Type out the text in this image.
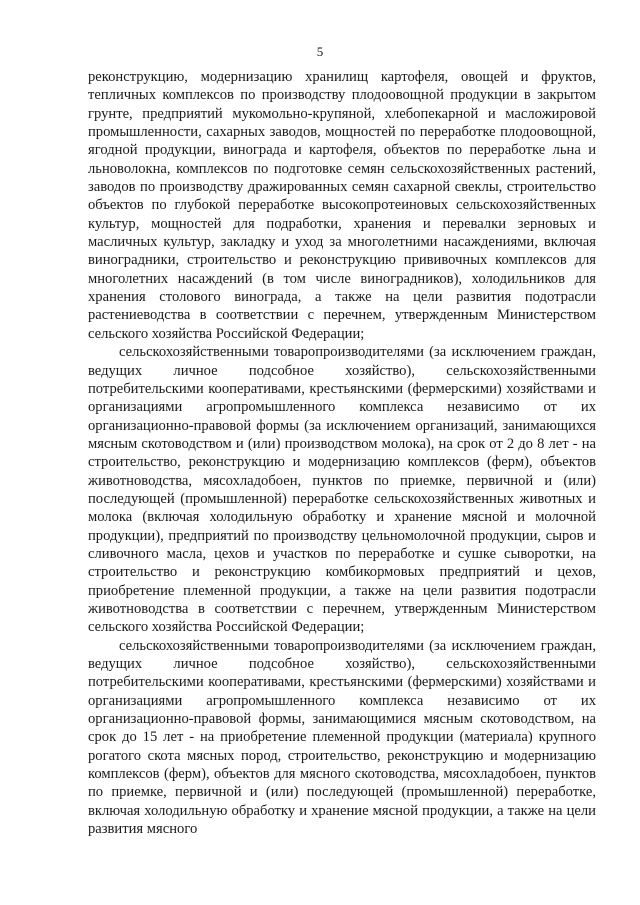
5

реконструкцию, модернизацию хранилищ картофеля, овощей и фруктов, тепличных комплексов по производству плодоовощной продукции в закрытом грунте, предприятий мукомольно-крупяной, хлебопекарной и масложировой промышленности, сахарных заводов, мощностей по переработке плодоовощной, ягодной продукции, винограда и картофеля, объектов по переработке льна и льноволокна, комплексов по подготовке семян сельскохозяйственных растений, заводов по производству дражированных семян сахарной свеклы, строительство объектов по глубокой переработке высокопротеиновых сельскохозяйственных культур, мощностей для подработки, хранения и перевалки зерновых и масличных культур, закладку и уход за многолетними насаждениями, включая виноградники, строительство и реконструкцию прививочных комплексов для многолетних насаждений (в том числе виноградников), холодильников для хранения столового винограда, а также на цели развития подотрасли растениеводства в соответствии с перечнем, утвержденным Министерством сельского хозяйства Российской Федерации;

сельскохозяйственными товаропроизводителями (за исключением граждан, ведущих личное подсобное хозяйство), сельскохозяйственными потребительскими кооперативами, крестьянскими (фермерскими) хозяйствами и организациями агропромышленного комплекса независимо от их организационно-правовой формы (за исключением организаций, занимающихся мясным скотоводством и (или) производством молока), на срок от 2 до 8 лет - на строительство, реконструкцию и модернизацию комплексов (ферм), объектов животноводства, мясохладобоен, пунктов по приемке, первичной и (или) последующей (промышленной) переработке сельскохозяйственных животных и молока (включая холодильную обработку и хранение мясной и молочной продукции), предприятий по производству цельномолочной продукции, сыров и сливочного масла, цехов и участков по переработке и сушке сыворотки, на строительство и реконструкцию комбикормовых предприятий и цехов, приобретение племенной продукции, а также на цели развития подотрасли животноводства в соответствии с перечнем, утвержденным Министерством сельского хозяйства Российской Федерации;

сельскохозяйственными товаропроизводителями (за исключением граждан, ведущих личное подсобное хозяйство), сельскохозяйственными потребительскими кооперативами, крестьянскими (фермерскими) хозяйствами и организациями агропромышленного комплекса независимо от их организационно-правовой формы, занимающимися мясным скотоводством, на срок до 15 лет - на приобретение племенной продукции (материала) крупного рогатого скота мясных пород, строительство, реконструкцию и модернизацию комплексов (ферм), объектов для мясного скотоводства, мясохладобоен, пунктов по приемке, первичной и (или) последующей (промышленной) переработке, включая холодильную обработку и хранение мясной продукции, а также на цели развития мясного
